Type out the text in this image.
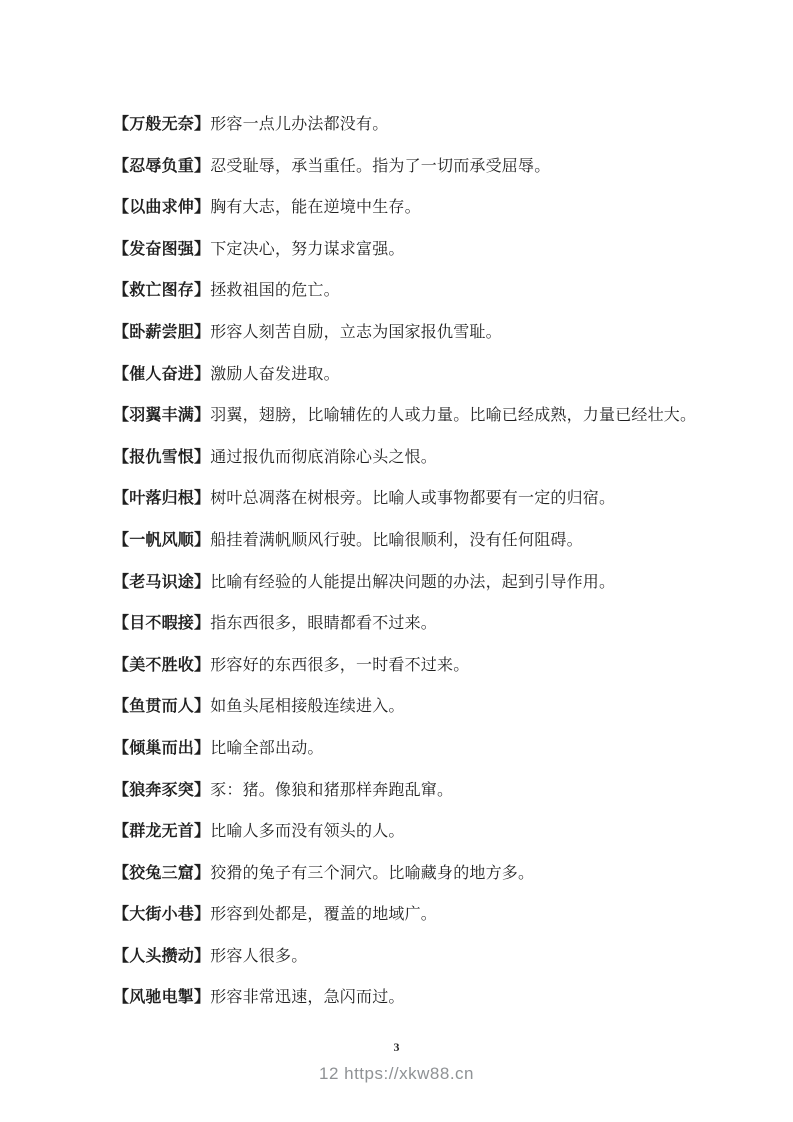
【万般无奈】形容一点儿办法都没有。
【忍辱负重】忍受耻辱，承当重任。指为了一切而承受屈辱。
【以曲求伸】胸有大志，能在逆境中生存。
【发奋图强】下定决心，努力谋求富强。
【救亡图存】拯救祖国的危亡。
【卧薪尝胆】形容人刻苦自励，立志为国家报仇雪耻。
【催人奋进】激励人奋发进取。
【羽翼丰满】羽翼，翅膀，比喻辅佐的人或力量。比喻已经成熟，力量已经壮大。
【报仇雪恨】通过报仇而彻底消除心头之恨。
【叶落归根】树叶总凋落在树根旁。比喻人或事物都要有一定的归宿。
【一帆风顺】船挂着满帆顺风行驶。比喻很顺利，没有任何阻碍。
【老马识途】比喻有经验的人能提出解决问题的办法，起到引导作用。
【目不暇接】指东西很多，眼睛都看不过来。
【美不胜收】形容好的东西很多，一时看不过来。
【鱼贯而人】如鱼头尾相接般连续进入。
【倾巢而出】比喻全部出动。
【狼奔豕突】豕：猪。像狼和猪那样奔跑乱窜。
【群龙无首】比喻人多而没有领头的人。
【狡兔三窟】狡猾的兔子有三个洞穴。比喻藏身的地方多。
【大街小巷】形容到处都是，覆盖的地域广。
【人头攒动】形容人很多。
【风驰电掣】形容非常迅速，急闪而过。
3
12 https://xkw88.cn
